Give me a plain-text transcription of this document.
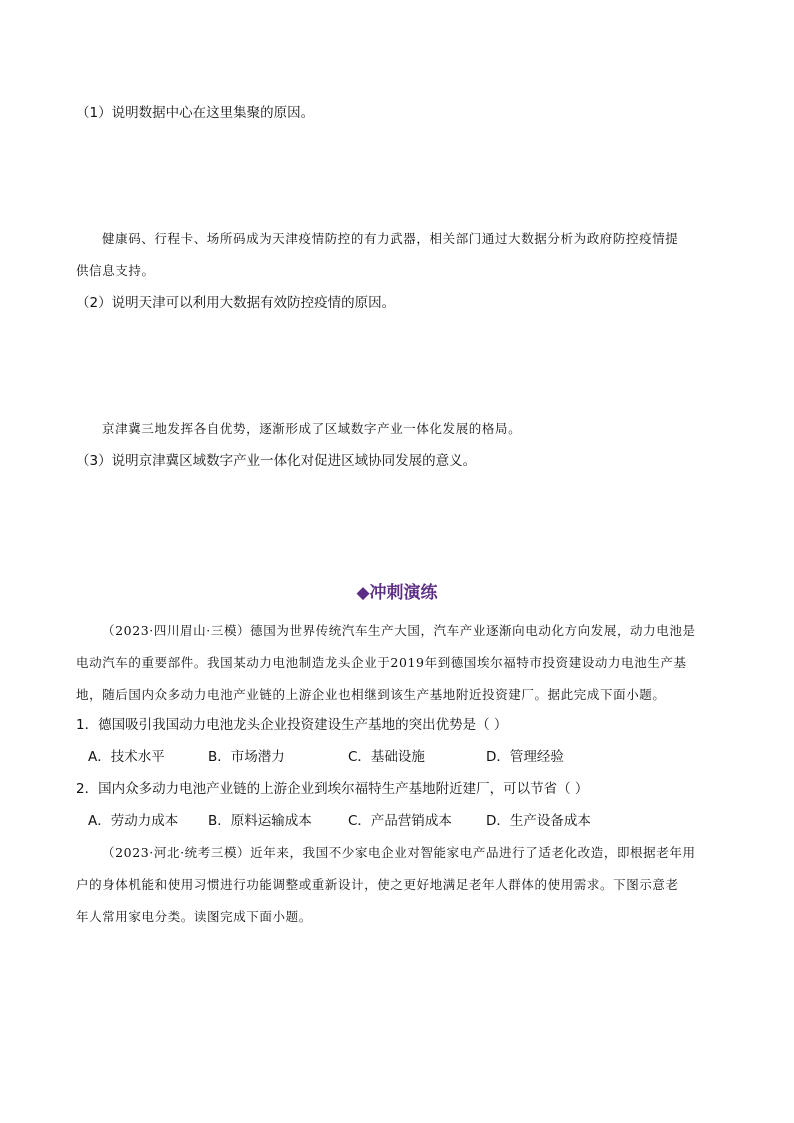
（1）说明数据中心在这里集聚的原因。
健康码、行程卡、场所码成为天津疫情防控的有力武器，相关部门通过大数据分析为政府防控疫情提
供信息支持。
（2）说明天津可以利用大数据有效防控疫情的原因。
京津冀三地发挥各自优势，逐渐形成了区域数字产业一体化发展的格局。
（3）说明京津冀区域数字产业一体化对促进区域协同发展的意义。
◆冲刺演练
（2023·四川眉山·三模）德国为世界传统汽车生产大国，汽车产业逐渐向电动化方向发展，动力电池是
电动汽车的重要部件。我国某动力电池制造龙头企业于2019年到德国埃尔福特市投资建设动力电池生产基
地，随后国内众多动力电池产业链的上游企业也相继到该生产基地附近投资建厂。据此完成下面小题。
1．德国吸引我国动力电池龙头企业投资建设生产基地的突出优势是（ ）
A．技术水平	B．市场潜力	C．基础设施	D．管理经验
2．国内众多动力电池产业链的上游企业到埃尔福特生产基地附近建厂，可以节省（ ）
A．劳动力成本 B．原料运输成本	C．产品营销成本	D．生产设备成本
（2023·河北·统考三模）近年来，我国不少家电企业对智能家电产品进行了适老化改造，即根据老年用
户的身体机能和使用习惯进行功能调整或重新设计，使之更好地满足老年人群体的使用需求。下图示意老
年人常用家电分类。读图完成下面小题。
